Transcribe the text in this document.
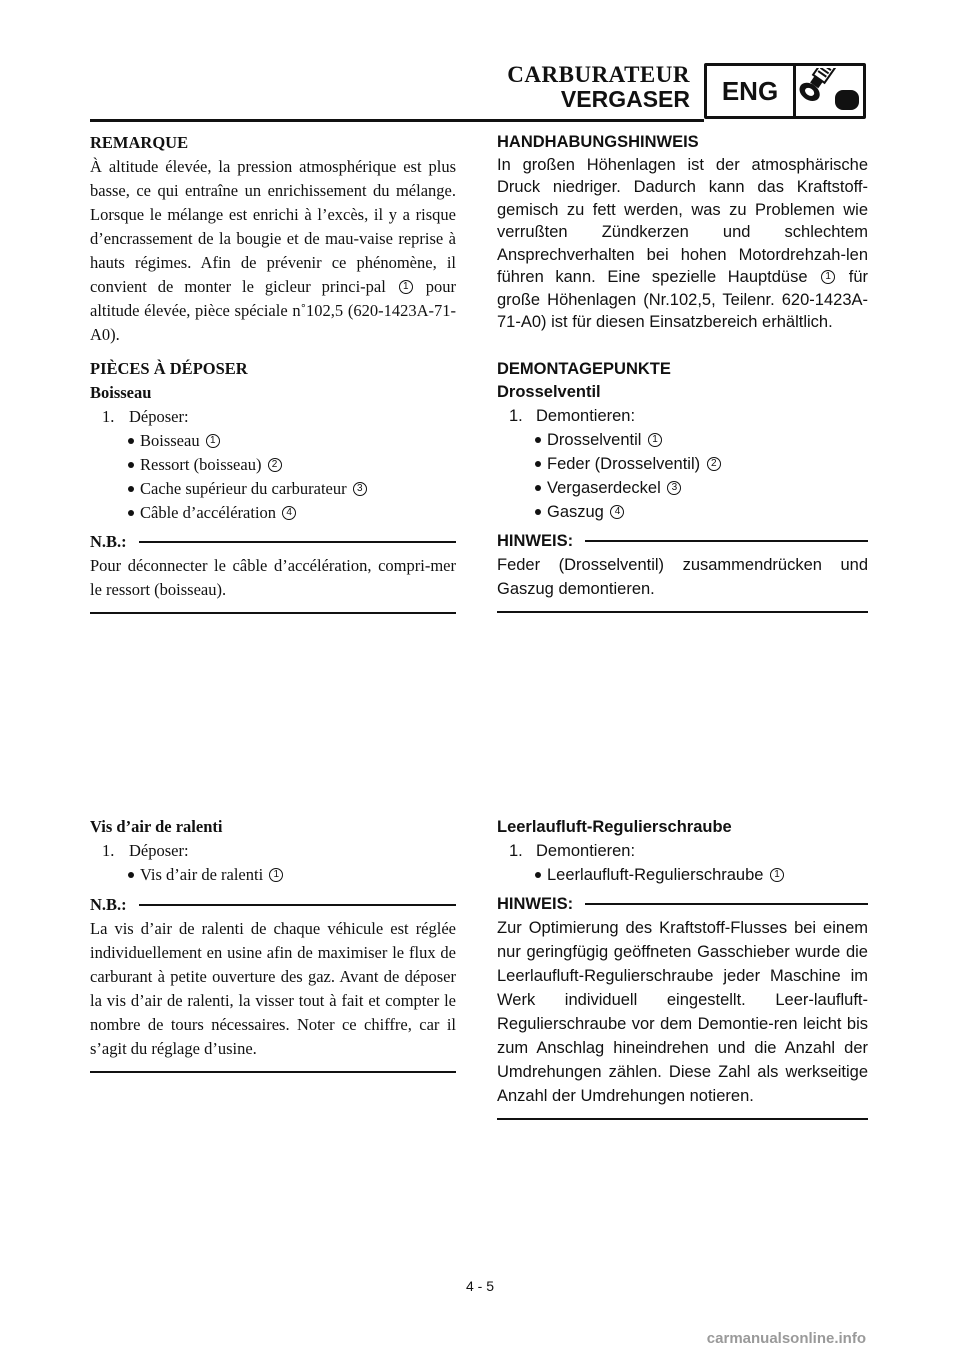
CARBURATEUR
VERGASER	ENG
REMARQUE
À altitude élevée, la pression atmosphérique est plus basse, ce qui entraîne un enrichissement du mélange. Lorsque le mélange est enrichi à l’excès, il y a risque d’encrassement de la bougie et de mau-vaise reprise à hauts régimes. Afin de prévenir ce phénomène, il convient de monter le gicleur princi-pal 1 pour altitude élevée, pièce spéciale n˚102,5 (620-1423A-71-A0).
PIÈCES À DÉPOSER
Boisseau
1. Déposer:
Boisseau 1
Ressort (boisseau) 2
Cache supérieur du carburateur 3
Câble d’accélération 4
N.B.:
Pour déconnecter le câble d’accélération, compri-mer le ressort (boisseau).
Vis d’air de ralenti
1. Déposer:
Vis d’air de ralenti 1
N.B.:
La vis d’air de ralenti de chaque véhicule est réglée individuellement en usine afin de maximiser le flux de carburant à petite ouverture des gaz. Avant de déposer la vis d’air de ralenti, la visser tout à fait et compter le nombre de tours nécessaires. Noter ce chiffre, car il s’agit du réglage d’usine.
HANDHABUNGSHINWEIS
In großen Höhenlagen ist der atmosphärische Druck niedriger. Dadurch kann das Kraftstoff-gemisch zu fett werden, was zu Problemen wie verrußten Zündkerzen und schlechtem Ansprechverhalten bei hohen Motordrehzah-len führen kann. Eine spezielle Hauptdüse 1 für große Höhenlagen (Nr.102,5, Teilenr. 620-1423A-71-A0) ist für diesen Einsatzbereich erhältlich.
DEMONTAGEPUNKTE
Drosselventil
1. Demontieren:
Drosselventil 1
Feder (Drosselventil) 2
Vergaserdeckel 3
Gaszug 4
HINWEIS:
Feder (Drosselventil) zusammendrücken und Gaszug demontieren.
Leerlaufluft-Regulierschraube
1. Demontieren:
Leerlaufluft-Regulierschraube 1
HINWEIS:
Zur Optimierung des Kraftstoff-Flusses bei einem nur geringfügig geöffneten Gasschieber wurde die Leerlaufluft-Regulierschraube jeder Maschine im Werk individuell eingestellt. Leer-laufluft-Regulierschraube vor dem Demontie-ren leicht bis zum Anschlag hineindrehen und die Anzahl der Umdrehungen zählen. Diese Zahl als werkseitige Anzahl der Umdrehungen notieren.
4 - 5
carmanualsonline.info
